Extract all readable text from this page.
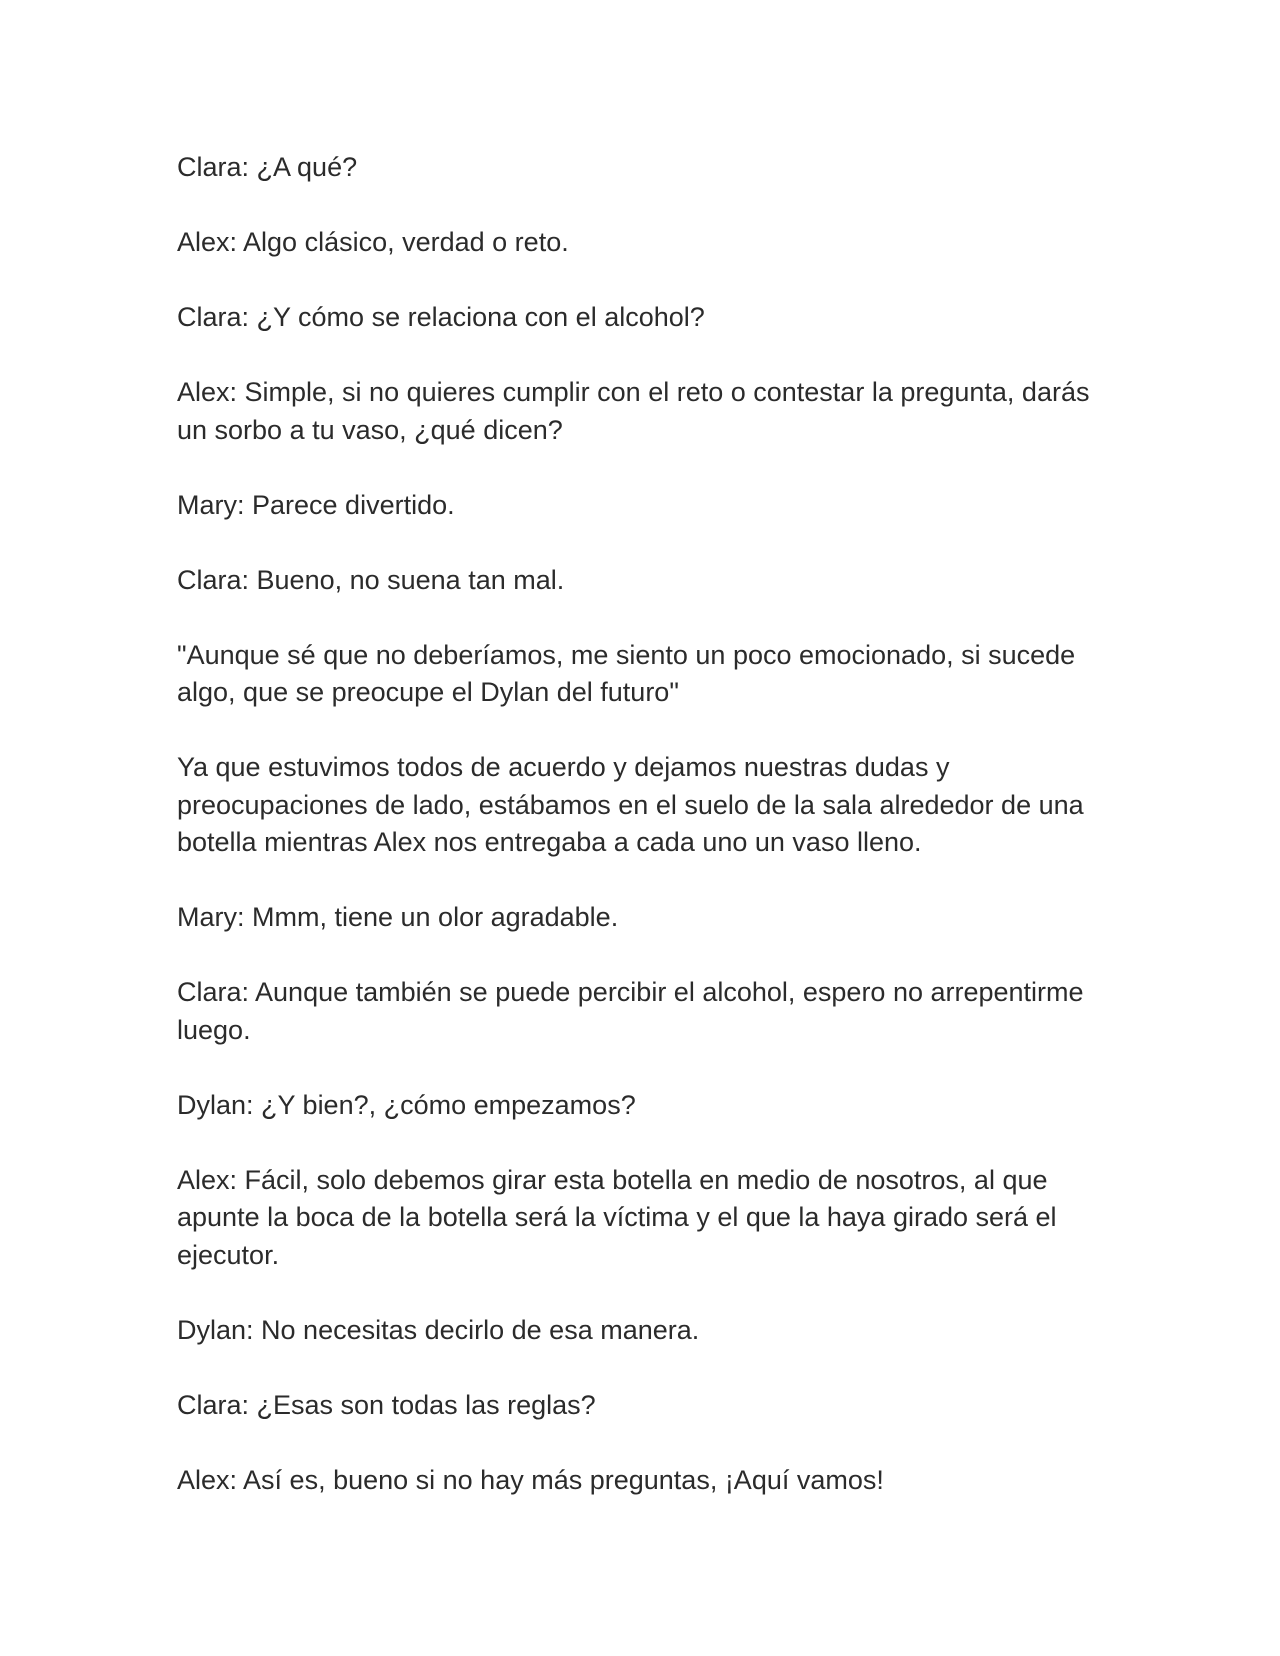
Clara: ¿A qué?

Alex: Algo clásico, verdad o reto.

Clara: ¿Y cómo se relaciona con el alcohol?

Alex: Simple, si no quieres cumplir con el reto o contestar la pregunta, darás un sorbo a tu vaso, ¿qué dicen?

Mary: Parece divertido.

Clara: Bueno, no suena tan mal.

"Aunque sé que no deberíamos, me siento un poco emocionado, si sucede algo, que se preocupe el Dylan del futuro"

Ya que estuvimos todos de acuerdo y dejamos nuestras dudas y preocupaciones de lado, estábamos en el suelo de la sala alrededor de una botella mientras Alex nos entregaba a cada uno un vaso lleno.

Mary: Mmm, tiene un olor agradable.

Clara: Aunque también se puede percibir el alcohol, espero no arrepentirme luego.

Dylan: ¿Y bien?, ¿cómo empezamos?

Alex: Fácil, solo debemos girar esta botella en medio de nosotros, al que apunte la boca de la botella será la víctima y el que la haya girado será el ejecutor.

Dylan: No necesitas decirlo de esa manera.

Clara: ¿Esas son todas las reglas?

Alex: Así es, bueno si no hay más preguntas, ¡Aquí vamos!
